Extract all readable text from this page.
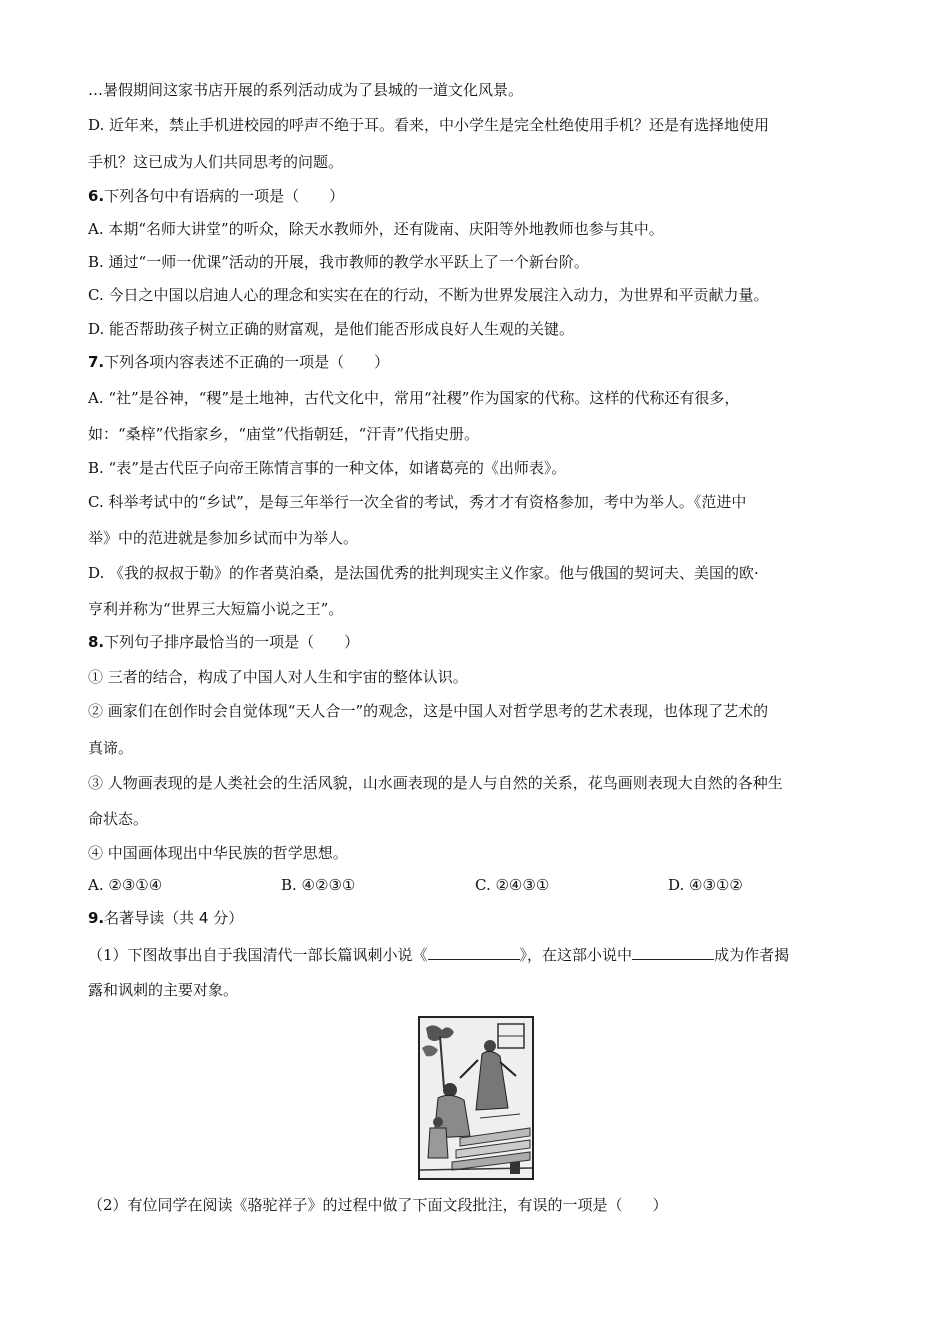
…暑假期间这家书店开展的系列活动成为了县城的一道文化风景。
D. 近年来，禁止手机进校园的呼声不绝于耳。看来，中小学生是完全杜绝使用手机？还是有选择地使用
手机？这已成为人们共同思考的问题。
6.下列各句中有语病的一项是（　　）
A. 本期“名师大讲堂”的听众，除天水教师外，还有陇南、庆阳等外地教师也参与其中。
B. 通过“一师一优课”活动的开展，我市教师的教学水平跃上了一个新台阶。
C. 今日之中国以启迪人心的理念和实实在在的行动，不断为世界发展注入动力，为世界和平贡献力量。
D. 能否帮助孩子树立正确的财富观，是他们能否形成良好人生观的关键。
7.下列各项内容表述不正确的一项是（　　）
A. “社”是谷神，“稷”是土地神，古代文化中，常用“社稷”作为国家的代称。这样的代称还有很多，
如：“桑梓”代指家乡，“庙堂”代指朝廷，“汗青”代指史册。
B. “表”是古代臣子向帝王陈情言事的一种文体，如诸葛亮的《出师表》。
C. 科举考试中的“乡试”，是每三年举行一次全省的考试，秀才才有资格参加，考中为举人。《范进中
举》中的范进就是参加乡试而中为举人。
D. 《我的叔叔于勒》的作者莫泊桑，是法国优秀的批判现实主义作家。他与俄国的契诃夫、美国的欧·
亨利并称为“世界三大短篇小说之王”。
8.下列句子排序最恰当的一项是（　　）
① 三者的结合，构成了中国人对人生和宇宙的整体认识。
② 画家们在创作时会自觉体现“天人合一”的观念，这是中国人对哲学思考的艺术表现，也体现了艺术的
真谛。
③ 人物画表现的是人类社会的生活风貌，山水画表现的是人与自然的关系，花鸟画则表现大自然的各种生
命状态。
④ 中国画体现出中华民族的哲学思想。
A. ②③①④	B. ④②③①	C. ②④③①	D. ④③①②
9.名著导读（共 4 分）
（1）下图故事出自于我国清代一部长篇讽刺小说《	》，在这部小说中	成为作者揭
露和讽刺的主要对象。
（2）有位同学在阅读《骆驼祥子》的过程中做了下面文段批注，有误的一项是（　　）
